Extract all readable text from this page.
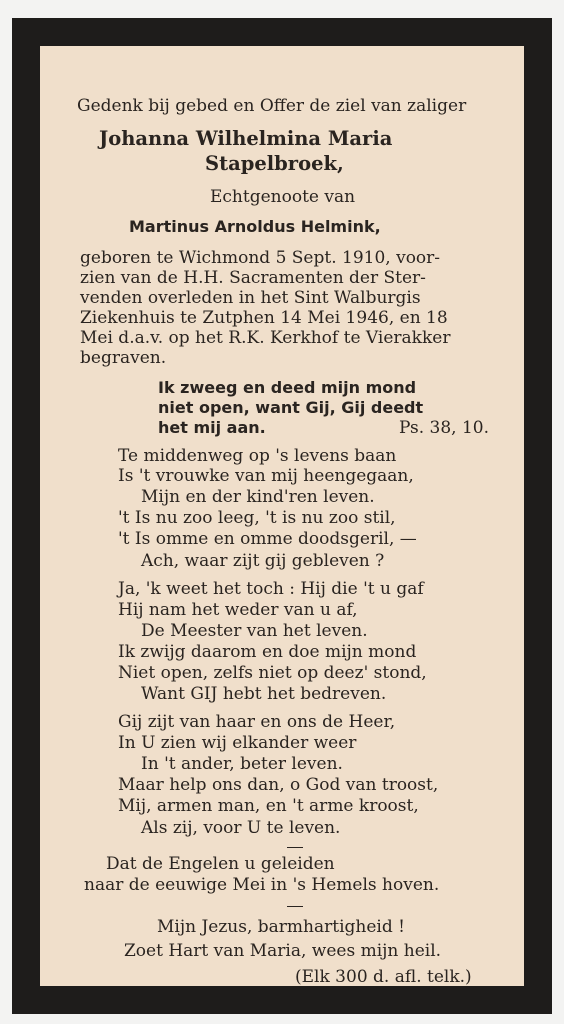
Gedenk bij gebed en Offer de ziel van zaliger
Johanna Wilhelmina Maria
Stapelbroek,
Echtgenoote van
Martinus Arnoldus Helmink,
geboren te Wichmond 5 Sept. 1910, voor-
zien van de H.H. Sacramenten der Ster-
venden overleden in het Sint Walburgis
Ziekenhuis te Zutphen 14 Mei 1946, en 18
Mei d.a.v. op het R.K. Kerkhof te Vierakker
begraven.
Ik zweeg en deed mijn mond
niet open, want Gij, Gij deedt
het mij aan.	Ps. 38, 10.
Te middenweg op 's levens baan
Is 't vrouwke van mij heengegaan,
Mijn en der kind'ren leven.
't Is nu zoo leeg, 't is nu zoo stil,
't Is omme en omme doodsgeril, —
Ach, waar zijt gij gebleven ?
Ja, 'k weet het toch : Hij die 't u gaf
Hij nam het weder van u af,
De Meester van het leven.
Ik zwijg daarom en doe mijn mond
Niet open, zelfs niet op deez' stond,
Want GIJ hebt het bedreven.
Gij zijt van haar en ons de Heer,
In U zien wij elkander weer
In 't ander, beter leven.
Maar help ons dan, o God van troost,
Mij, armen man, en 't arme kroost,
Als zij, voor U te leven.
Dat de Engelen u geleiden
naar de eeuwige Mei in 's Hemels hoven.
Mijn Jezus, barmhartigheid !
Zoet Hart van Maria, wees mijn heil.
(Elk 300 d. afl. telk.)
